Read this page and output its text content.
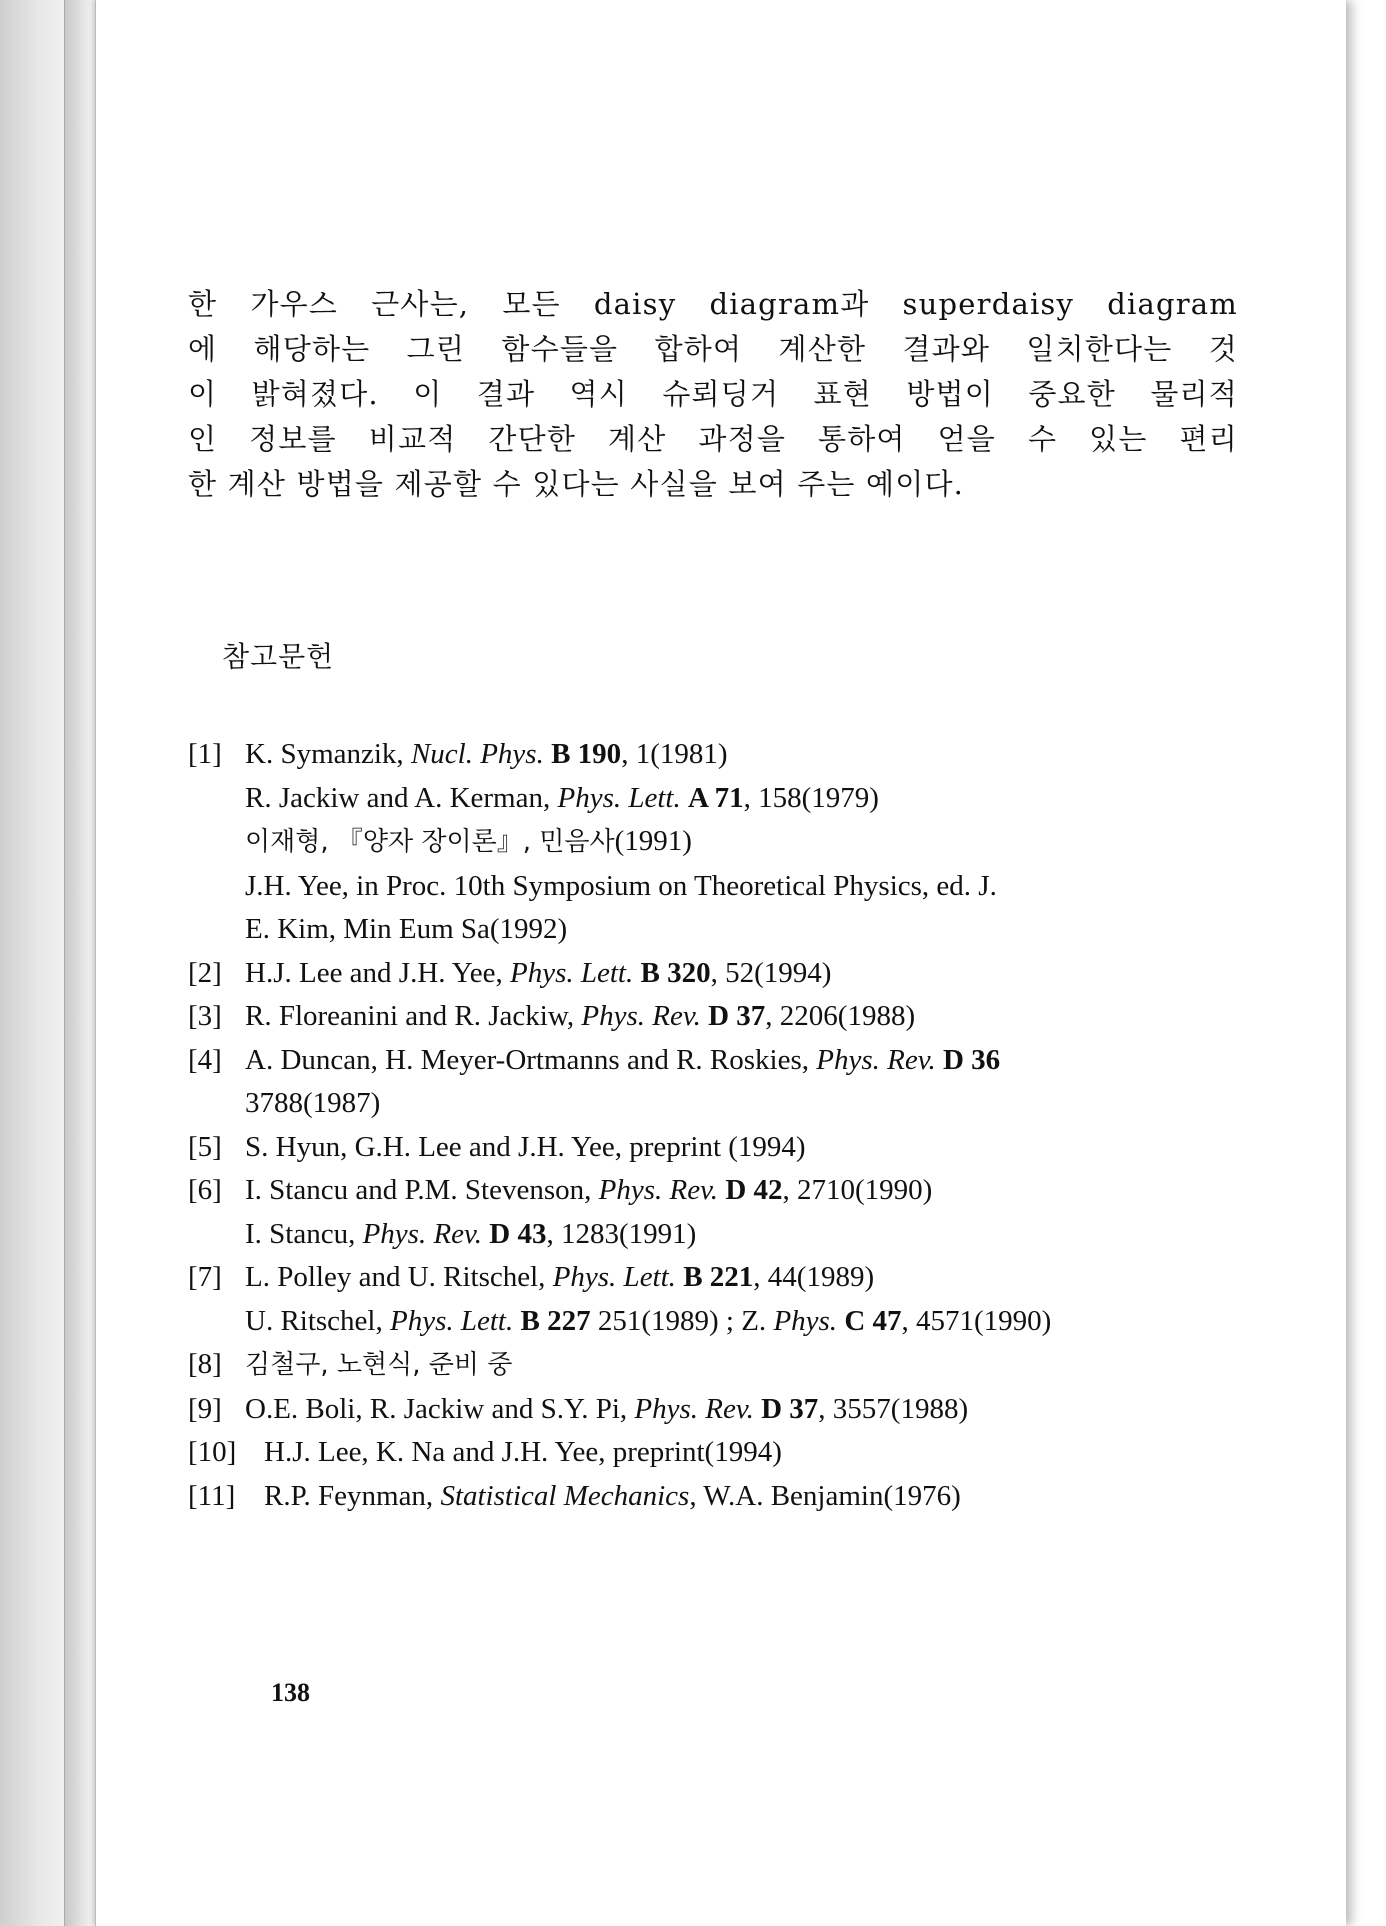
한 가우스 근사는, 모든 daisy diagram과 superdaisy diagram
에 해당하는 그린 함수들을 합하여 계산한 결과와 일치한다는 것
이 밝혀졌다. 이 결과 역시 슈뢰딩거 표현 방법이 중요한 물리적
인 정보를 비교적 간단한 계산 과정을 통하여 얻을 수 있는 편리
한 계산 방법을 제공할 수 있다는 사실을 보여 주는 예이다.
참고문헌
[1] K. Symanzik, Nucl. Phys. B 190, 1(1981)
R. Jackiw and A. Kerman, Phys. Lett. A 71, 158(1979)
이재형, 『양자 장이론』, 민음사(1991)
J.H. Yee, in Proc. 10th Symposium on Theoretical Physics, ed. J.
E. Kim, Min Eum Sa(1992)
[2] H.J. Lee and J.H. Yee, Phys. Lett. B 320, 52(1994)
[3] R. Floreanini and R. Jackiw, Phys. Rev. D 37, 2206(1988)
[4] A. Duncan, H. Meyer-Ortmanns and R. Roskies, Phys. Rev. D 36
3788(1987)
[5] S. Hyun, G.H. Lee and J.H. Yee, preprint (1994)
[6] I. Stancu and P.M. Stevenson, Phys. Rev. D 42, 2710(1990)
I. Stancu, Phys. Rev. D 43, 1283(1991)
[7] L. Polley and U. Ritschel, Phys. Lett. B 221, 44(1989)
U. Ritschel, Phys. Lett. B 227 251(1989) ; Z. Phys. C 47, 4571(1990)
[8] 김철구, 노현식, 준비 중
[9] O.E. Boli, R. Jackiw and S.Y. Pi, Phys. Rev. D 37, 3557(1988)
[10] H.J. Lee, K. Na and J.H. Yee, preprint(1994)
[11] R.P. Feynman, Statistical Mechanics, W.A. Benjamin(1976)
138
